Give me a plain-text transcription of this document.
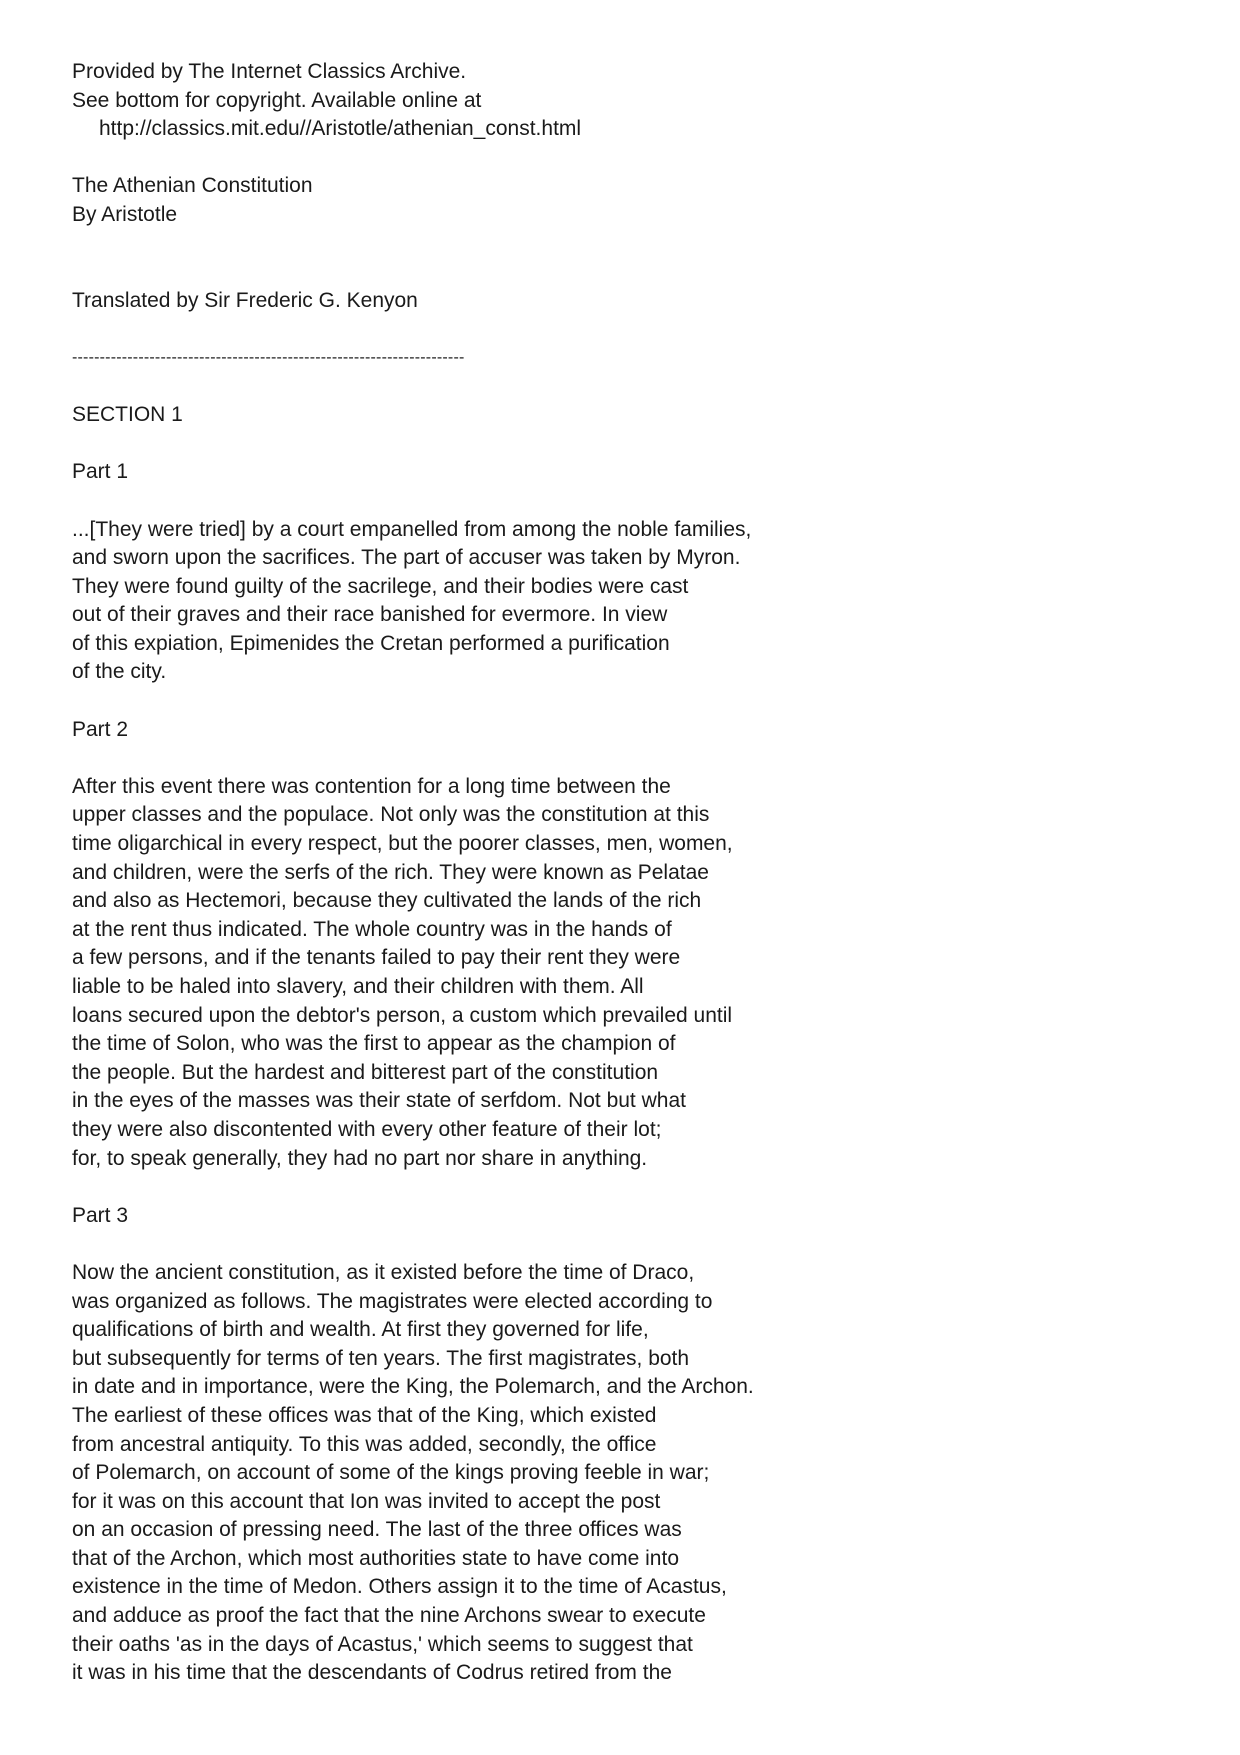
Provided by The Internet Classics Archive.
See bottom for copyright. Available online at
http://classics.mit.edu//Aristotle/athenian_const.html
The Athenian Constitution
By Aristotle
Translated by Sir Frederic G. Kenyon
-----------------------------------------------------------------------
SECTION 1
Part 1
...[They were tried] by a court empanelled from among the noble families,
and sworn upon the sacrifices. The part of accuser was taken by Myron.
They were found guilty of the sacrilege, and their bodies were cast
out of their graves and their race banished for evermore. In view
of this expiation, Epimenides the Cretan performed a purification
of the city.
Part 2
After this event there was contention for a long time between the
upper classes and the populace. Not only was the constitution at this
time oligarchical in every respect, but the poorer classes, men, women,
and children, were the serfs of the rich. They were known as Pelatae
and also as Hectemori, because they cultivated the lands of the rich
at the rent thus indicated. The whole country was in the hands of
a few persons, and if the tenants failed to pay their rent they were
liable to be haled into slavery, and their children with them. All
loans secured upon the debtor's person, a custom which prevailed until
the time of Solon, who was the first to appear as the champion of
the people. But the hardest and bitterest part of the constitution
in the eyes of the masses was their state of serfdom. Not but what
they were also discontented with every other feature of their lot;
for, to speak generally, they had no part nor share in anything.
Part 3
Now the ancient constitution, as it existed before the time of Draco,
was organized as follows. The magistrates were elected according to
qualifications of birth and wealth. At first they governed for life,
but subsequently for terms of ten years. The first magistrates, both
in date and in importance, were the King, the Polemarch, and the Archon.
The earliest of these offices was that of the King, which existed
from ancestral antiquity. To this was added, secondly, the office
of Polemarch, on account of some of the kings proving feeble in war;
for it was on this account that Ion was invited to accept the post
on an occasion of pressing need. The last of the three offices was
that of the Archon, which most authorities state to have come into
existence in the time of Medon. Others assign it to the time of Acastus,
and adduce as proof the fact that the nine Archons swear to execute
their oaths 'as in the days of Acastus,' which seems to suggest that
it was in his time that the descendants of Codrus retired from the
